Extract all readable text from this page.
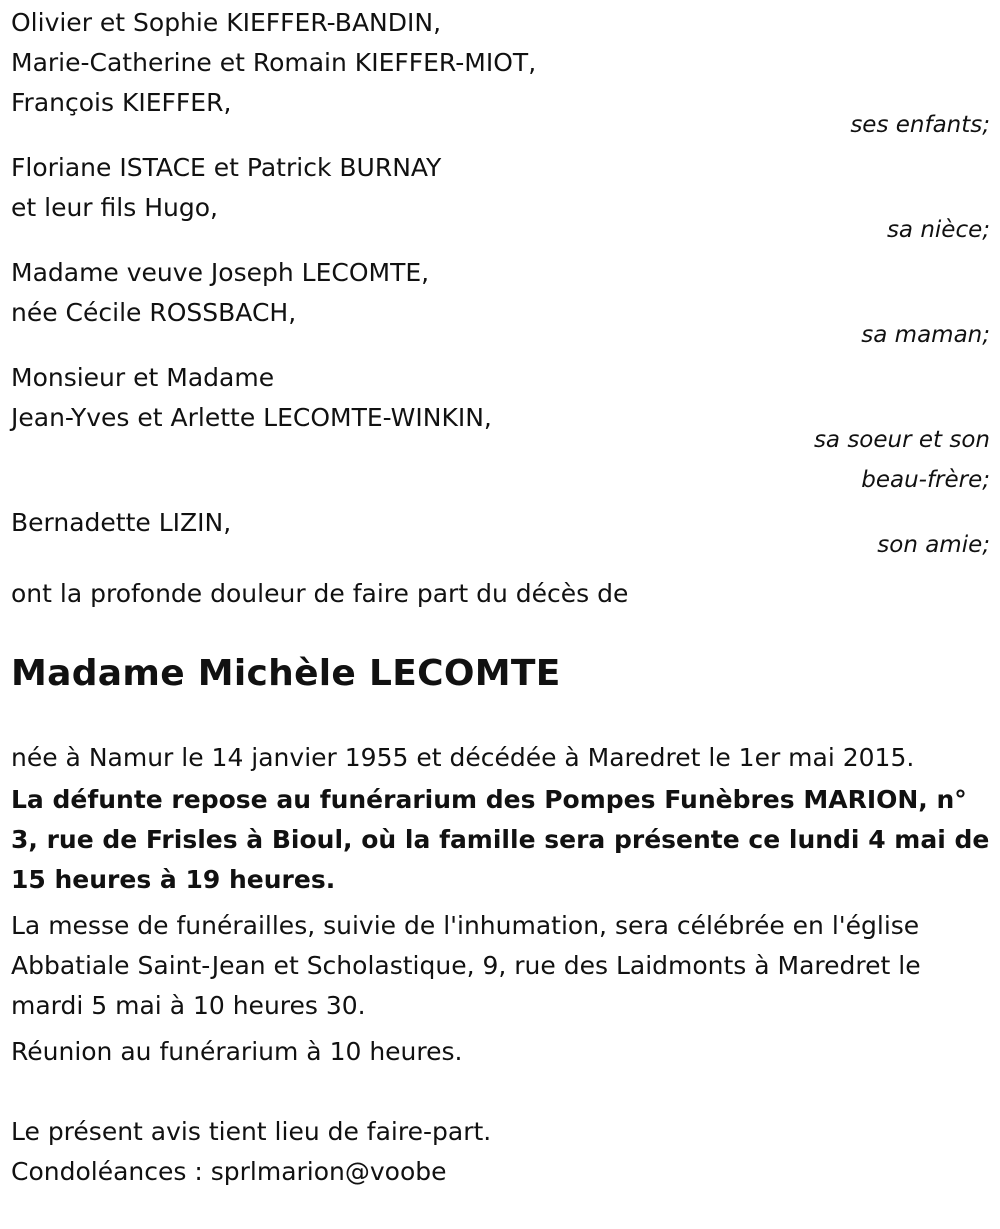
Olivier et Sophie KIEFFER-BANDIN,
Marie-Catherine et Romain KIEFFER-MIOT,
François KIEFFER,
ses enfants;
Floriane ISTACE et Patrick BURNAY
et leur fils Hugo,
sa nièce;
Madame veuve Joseph LECOMTE,
née Cécile ROSSBACH,
sa maman;
Monsieur et Madame
Jean-Yves et Arlette LECOMTE-WINKIN,
sa soeur et son
beau-frère;
Bernadette LIZIN,
son amie;
ont la profonde douleur de faire part du décès de
Madame Michèle LECOMTE
née à Namur le 14 janvier 1955 et décédée à Maredret le 1er mai 2015.
La défunte repose au funérarium des Pompes Funèbres MARION, n° 3, rue de Frisles à Bioul, où la famille sera présente ce lundi 4 mai de 15 heures à 19 heures.
La messe de funérailles, suivie de l'inhumation, sera célébrée en l'église Abbatiale Saint-Jean et Scholastique, 9, rue des Laidmonts à Maredret le mardi 5 mai à 10 heures 30.
Réunion au funérarium à 10 heures.
Le présent avis tient lieu de faire-part.
Condoléances : sprlmarion@voobe
